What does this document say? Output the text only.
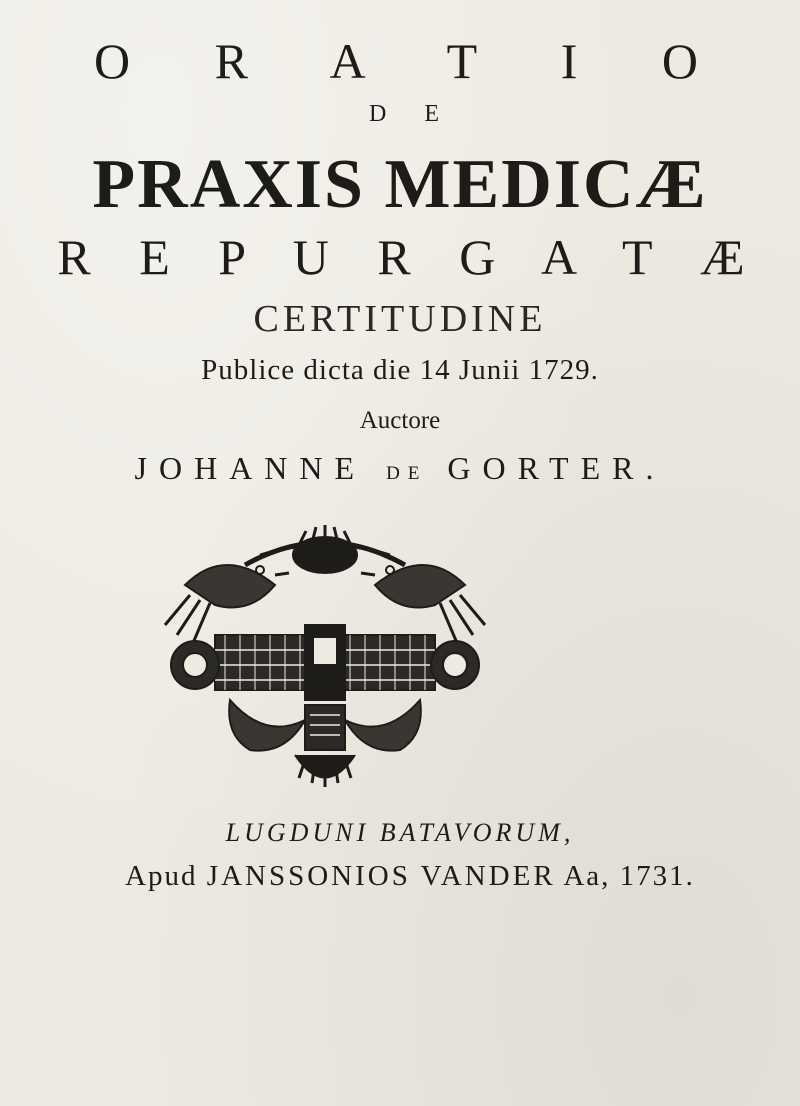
O R A T I O
D E
PRAXIS MEDICÆ
R E P U R G A T Æ
CERTITUDINE
Publice dicta die 14 Junii 1729.
Auctore
JOHANNE DE GORTER.
LUGDUNI BATAVORUM,
Apud JANSSONIOS VANDER Aa, 1731.
